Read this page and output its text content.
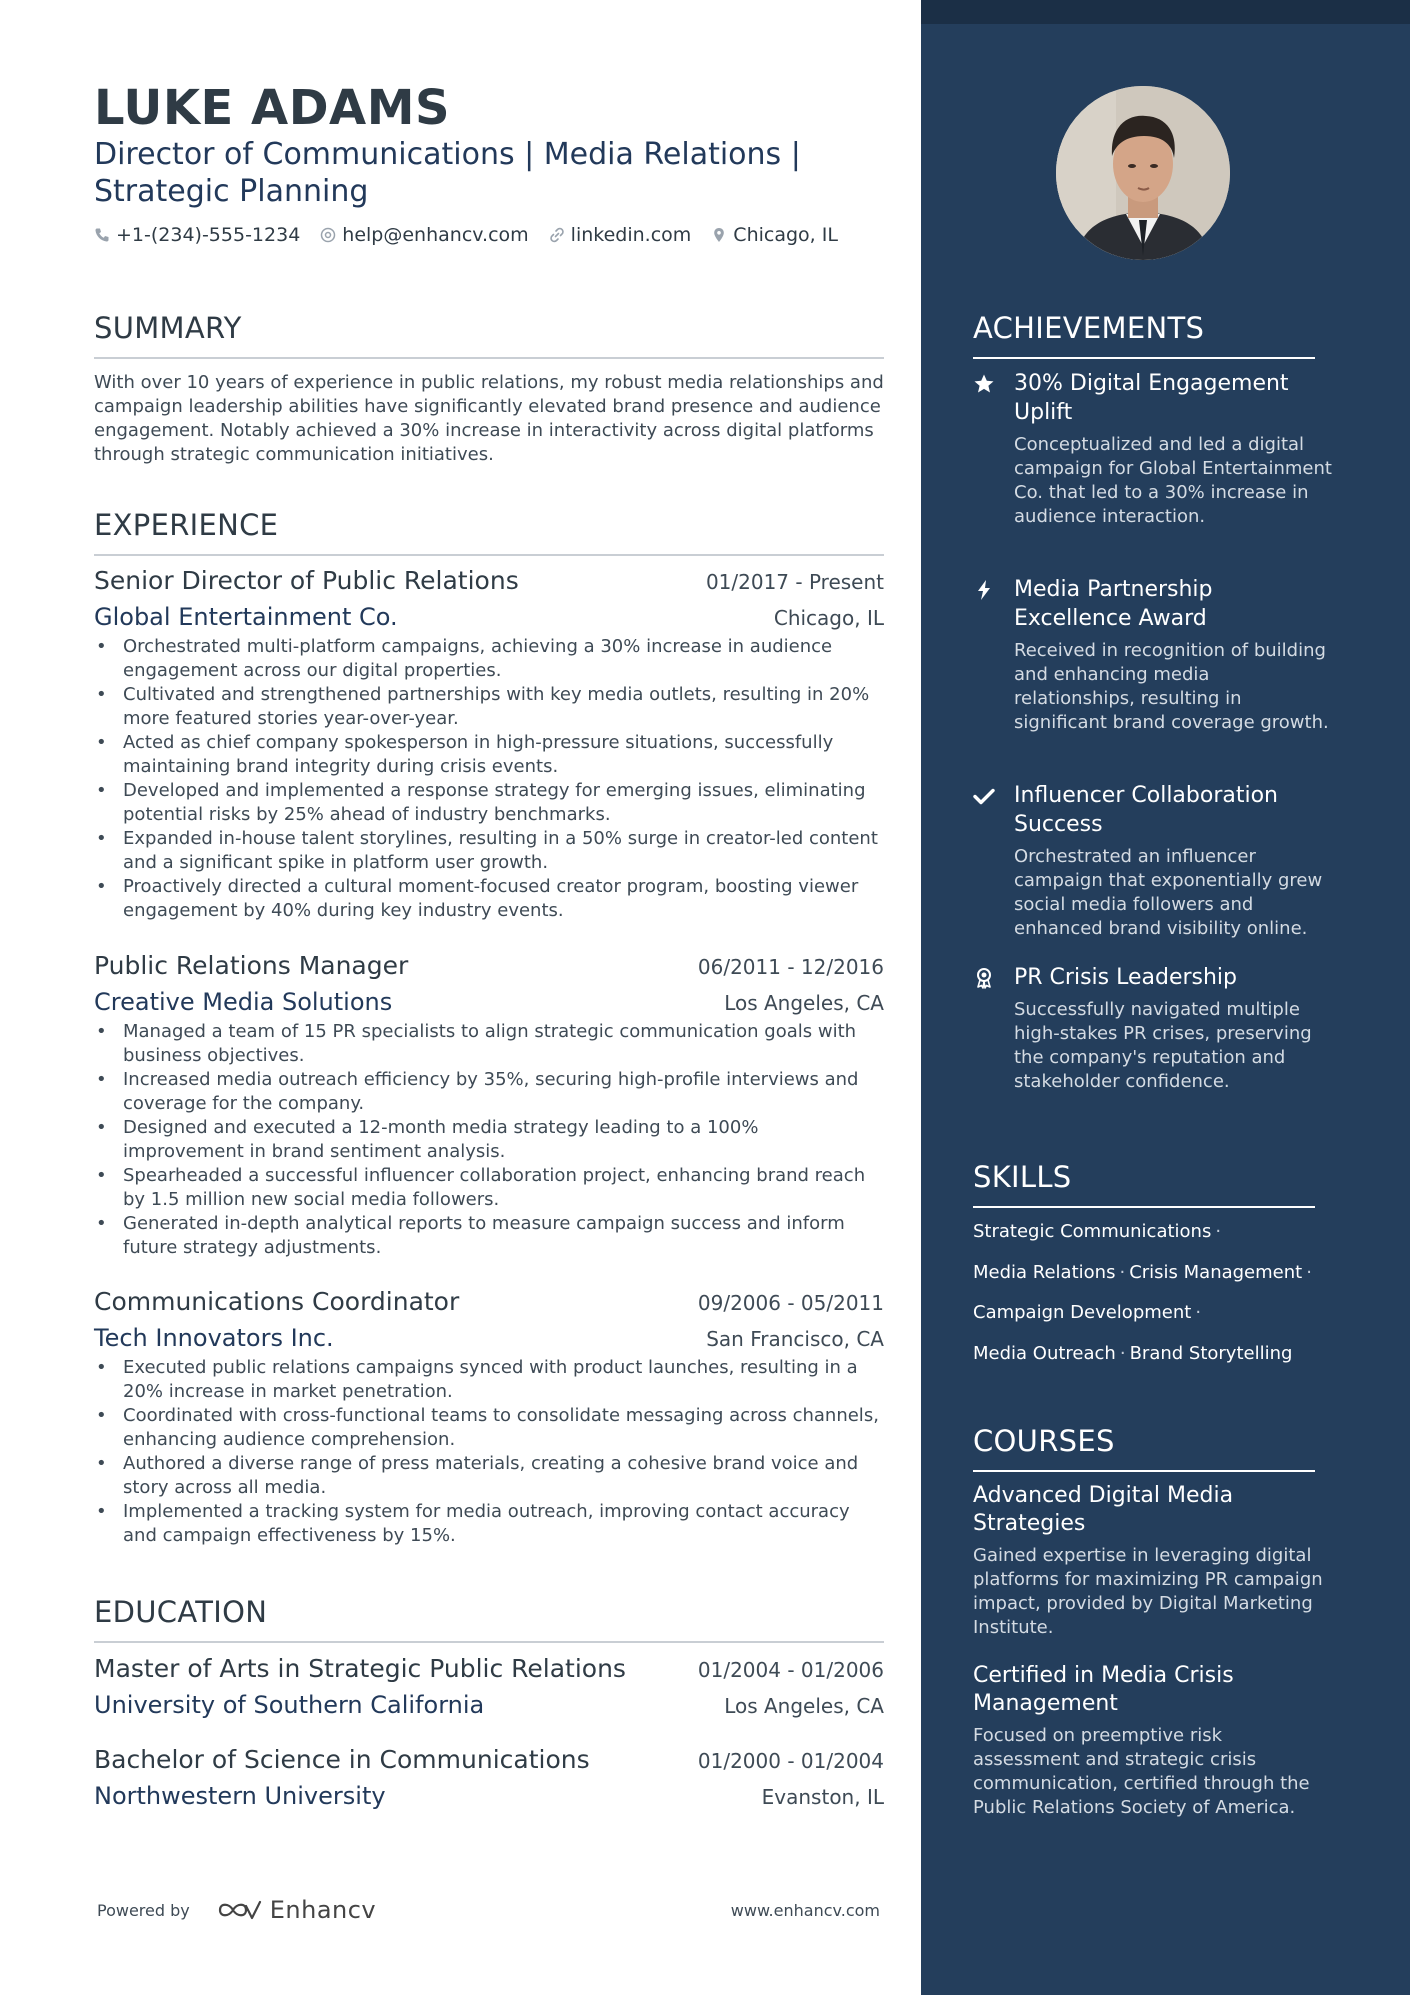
LUKE ADAMS
Director of Communications | Media Relations | Strategic Planning
+1-(234)-555-1234 help@enhancv.com linkedin.com Chicago, IL
SUMMARY
With over 10 years of experience in public relations, my robust media relationships and campaign leadership abilities have significantly elevated brand presence and audience engagement. Notably achieved a 30% increase in interactivity across digital platforms through strategic communication initiatives.
EXPERIENCE
Senior Director of Public Relations	01/2017 - Present
Global Entertainment Co.	Chicago, IL
• Orchestrated multi-platform campaigns, achieving a 30% increase in audience engagement across our digital properties.
• Cultivated and strengthened partnerships with key media outlets, resulting in 20% more featured stories year-over-year.
• Acted as chief company spokesperson in high-pressure situations, successfully maintaining brand integrity during crisis events.
• Developed and implemented a response strategy for emerging issues, eliminating potential risks by 25% ahead of industry benchmarks.
• Expanded in-house talent storylines, resulting in a 50% surge in creator-led content and a significant spike in platform user growth.
• Proactively directed a cultural moment-focused creator program, boosting viewer engagement by 40% during key industry events.
Public Relations Manager	06/2011 - 12/2016
Creative Media Solutions	Los Angeles, CA
• Managed a team of 15 PR specialists to align strategic communication goals with business objectives.
• Increased media outreach efficiency by 35%, securing high-profile interviews and coverage for the company.
• Designed and executed a 12-month media strategy leading to a 100% improvement in brand sentiment analysis.
• Spearheaded a successful influencer collaboration project, enhancing brand reach by 1.5 million new social media followers.
• Generated in-depth analytical reports to measure campaign success and inform future strategy adjustments.
Communications Coordinator	09/2006 - 05/2011
Tech Innovators Inc.	San Francisco, CA
• Executed public relations campaigns synced with product launches, resulting in a 20% increase in market penetration.
• Coordinated with cross-functional teams to consolidate messaging across channels, enhancing audience comprehension.
• Authored a diverse range of press materials, creating a cohesive brand voice and story across all media.
• Implemented a tracking system for media outreach, improving contact accuracy and campaign effectiveness by 15%.
EDUCATION
Master of Arts in Strategic Public Relations	01/2004 - 01/2006
University of Southern California	Los Angeles, CA
Bachelor of Science in Communications	01/2000 - 01/2004
Northwestern University	Evanston, IL
Powered by	Enhancv	www.enhancv.com
ACHIEVEMENTS
30% Digital Engagement Uplift
Conceptualized and led a digital campaign for Global Entertainment Co. that led to a 30% increase in audience interaction.
Media Partnership Excellence Award
Received in recognition of building and enhancing media relationships, resulting in significant brand coverage growth.
Influencer Collaboration Success
Orchestrated an influencer campaign that exponentially grew social media followers and enhanced brand visibility online.
PR Crisis Leadership
Successfully navigated multiple high-stakes PR crises, preserving the company's reputation and stakeholder confidence.
SKILLS
Strategic Communications ·
Media Relations · Crisis Management ·
Campaign Development ·
Media Outreach · Brand Storytelling
COURSES
Advanced Digital Media Strategies
Gained expertise in leveraging digital platforms for maximizing PR campaign impact, provided by Digital Marketing Institute.
Certified in Media Crisis Management
Focused on preemptive risk assessment and strategic crisis communication, certified through the Public Relations Society of America.
